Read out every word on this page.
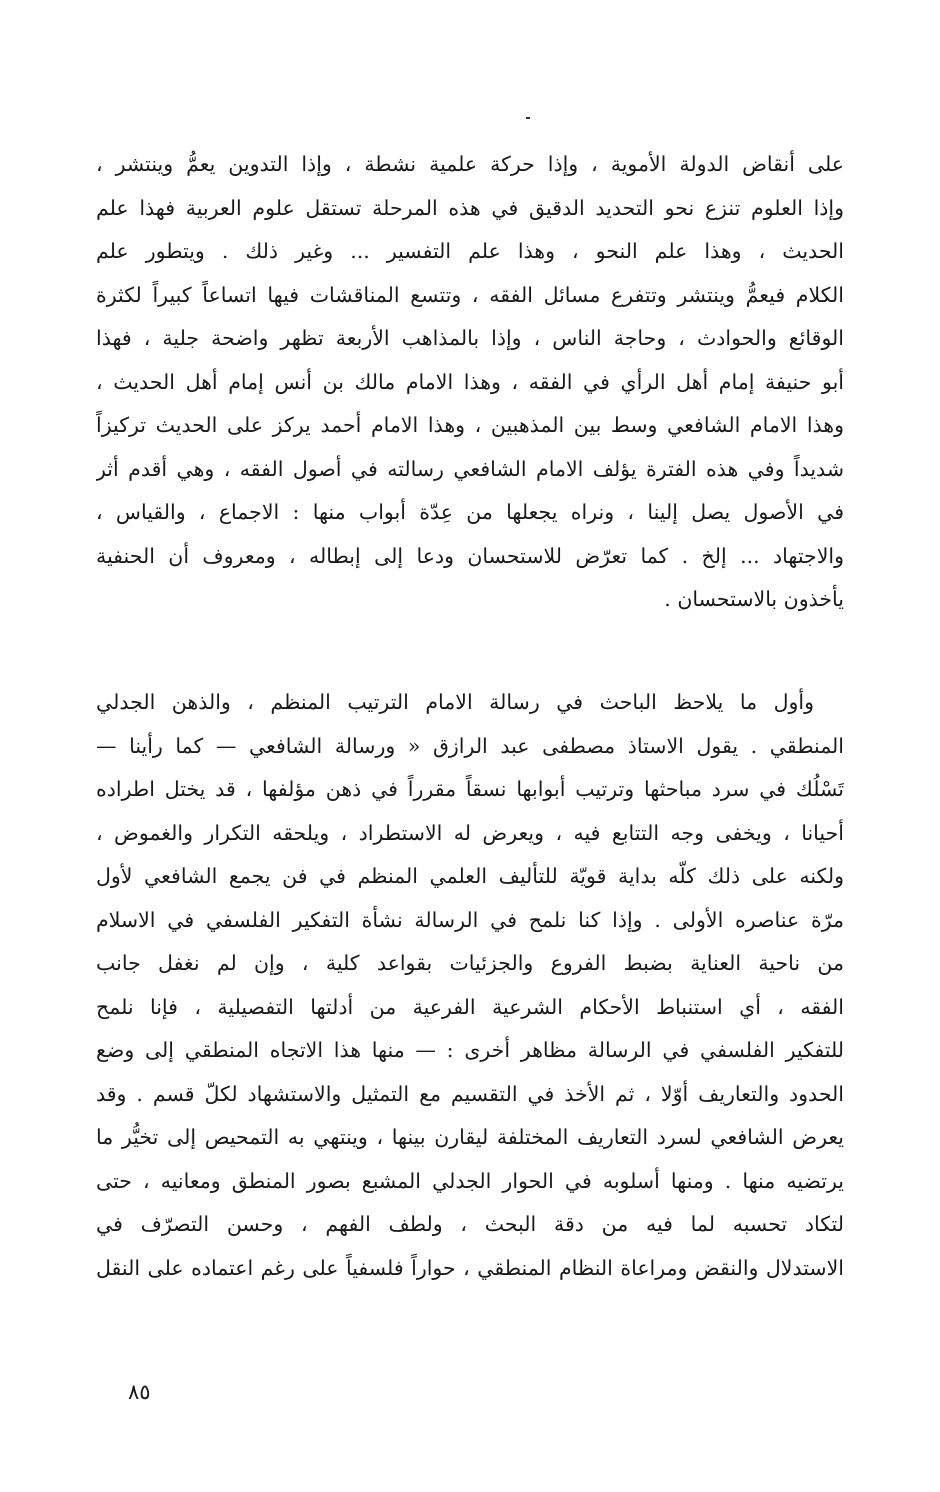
على أنقاض الدولة الأموية ، وإذا حركة علمية نشطة ، وإذا التدوين يعمُّ وينتشر ،
وإذا العلوم تنزع نحو التحديد الدقيق في هذه المرحلة تستقل علوم العربية فهذا علم
الحديث ، وهذا علم النحو ، وهذا علم التفسير ... وغير ذلك . ويتطور علم
الكلام فيعمُّ وينتشر وتتفرع مسائل الفقه ، وتتسع المناقشات فيها اتساعاً كبيراً لكثرة
الوقائع والحوادث ، وحاجة الناس ، وإذا بالمذاهب الأربعة تظهر واضحة جلية ، فهذا
أبو حنيفة إمام أهل الرأي في الفقه ، وهذا الامام مالك بن أنس إمام أهل الحديث ،
وهذا الامام الشافعي وسط بين المذهبين ، وهذا الامام أحمد يركز على الحديث تركيزاً
شديداً وفي هذه الفترة يؤلف الامام الشافعي رسالته في أصول الفقه ، وهي أقدم أثر
في الأصول يصل إلينا ، ونراه يجعلها من عِدّة أبواب منها : الاجماع ، والقياس ،
والاجتهاد ... إلخ . كما تعرّض للاستحسان ودعا إلى إبطاله ، ومعروف أن الحنفية
يأخذون بالاستحسان .
وأول ما يلاحظ الباحث في رسالة الامام الترتيب المنظم ، والذهن الجدلي
المنطقي . يقول الاستاذ مصطفى عبد الرازق « ورسالة الشافعي — كما رأينا —
تَسْلُك في سرد مباحثها وترتيب أبوابها نسقاً مقرراً في ذهن مؤلفها ، قد يختل اطراده
أحيانا ، ويخفى وجه التتابع فيه ، ويعرض له الاستطراد ، ويلحقه التكرار والغموض ،
ولكنه على ذلك كلّه بداية قويّة للتأليف العلمي المنظم في فن يجمع الشافعي لأول
مرّة عناصره الأولى . وإذا كنا نلمح في الرسالة نشأة التفكير الفلسفي في الاسلام
من ناحية العناية بضبط الفروع والجزئيات بقواعد كلية ، وإن لم نغفل جانب
الفقه ، أي استنباط الأحكام الشرعية الفرعية من أدلتها التفصيلية ، فإنا نلمح
للتفكير الفلسفي في الرسالة مظاهر أخرى : — منها هذا الاتجاه المنطقي إلى وضع
الحدود والتعاريف أوّلا ، ثم الأخذ في التقسيم مع التمثيل والاستشهاد لكلّ قسم . وقد
يعرض الشافعي لسرد التعاريف المختلفة ليقارن بينها ، وينتهي به التمحيص إلى تخيُّر ما
يرتضيه منها . ومنها أسلوبه في الحوار الجدلي المشبع بصور المنطق ومعانيه ، حتى
لتكاد تحسبه لما فيه من دقة البحث ، ولطف الفهم ، وحسن التصرّف في
الاستدلال والنقض ومراعاة النظام المنطقي ، حواراً فلسفياً على رغم اعتماده على النقل
٨٥
